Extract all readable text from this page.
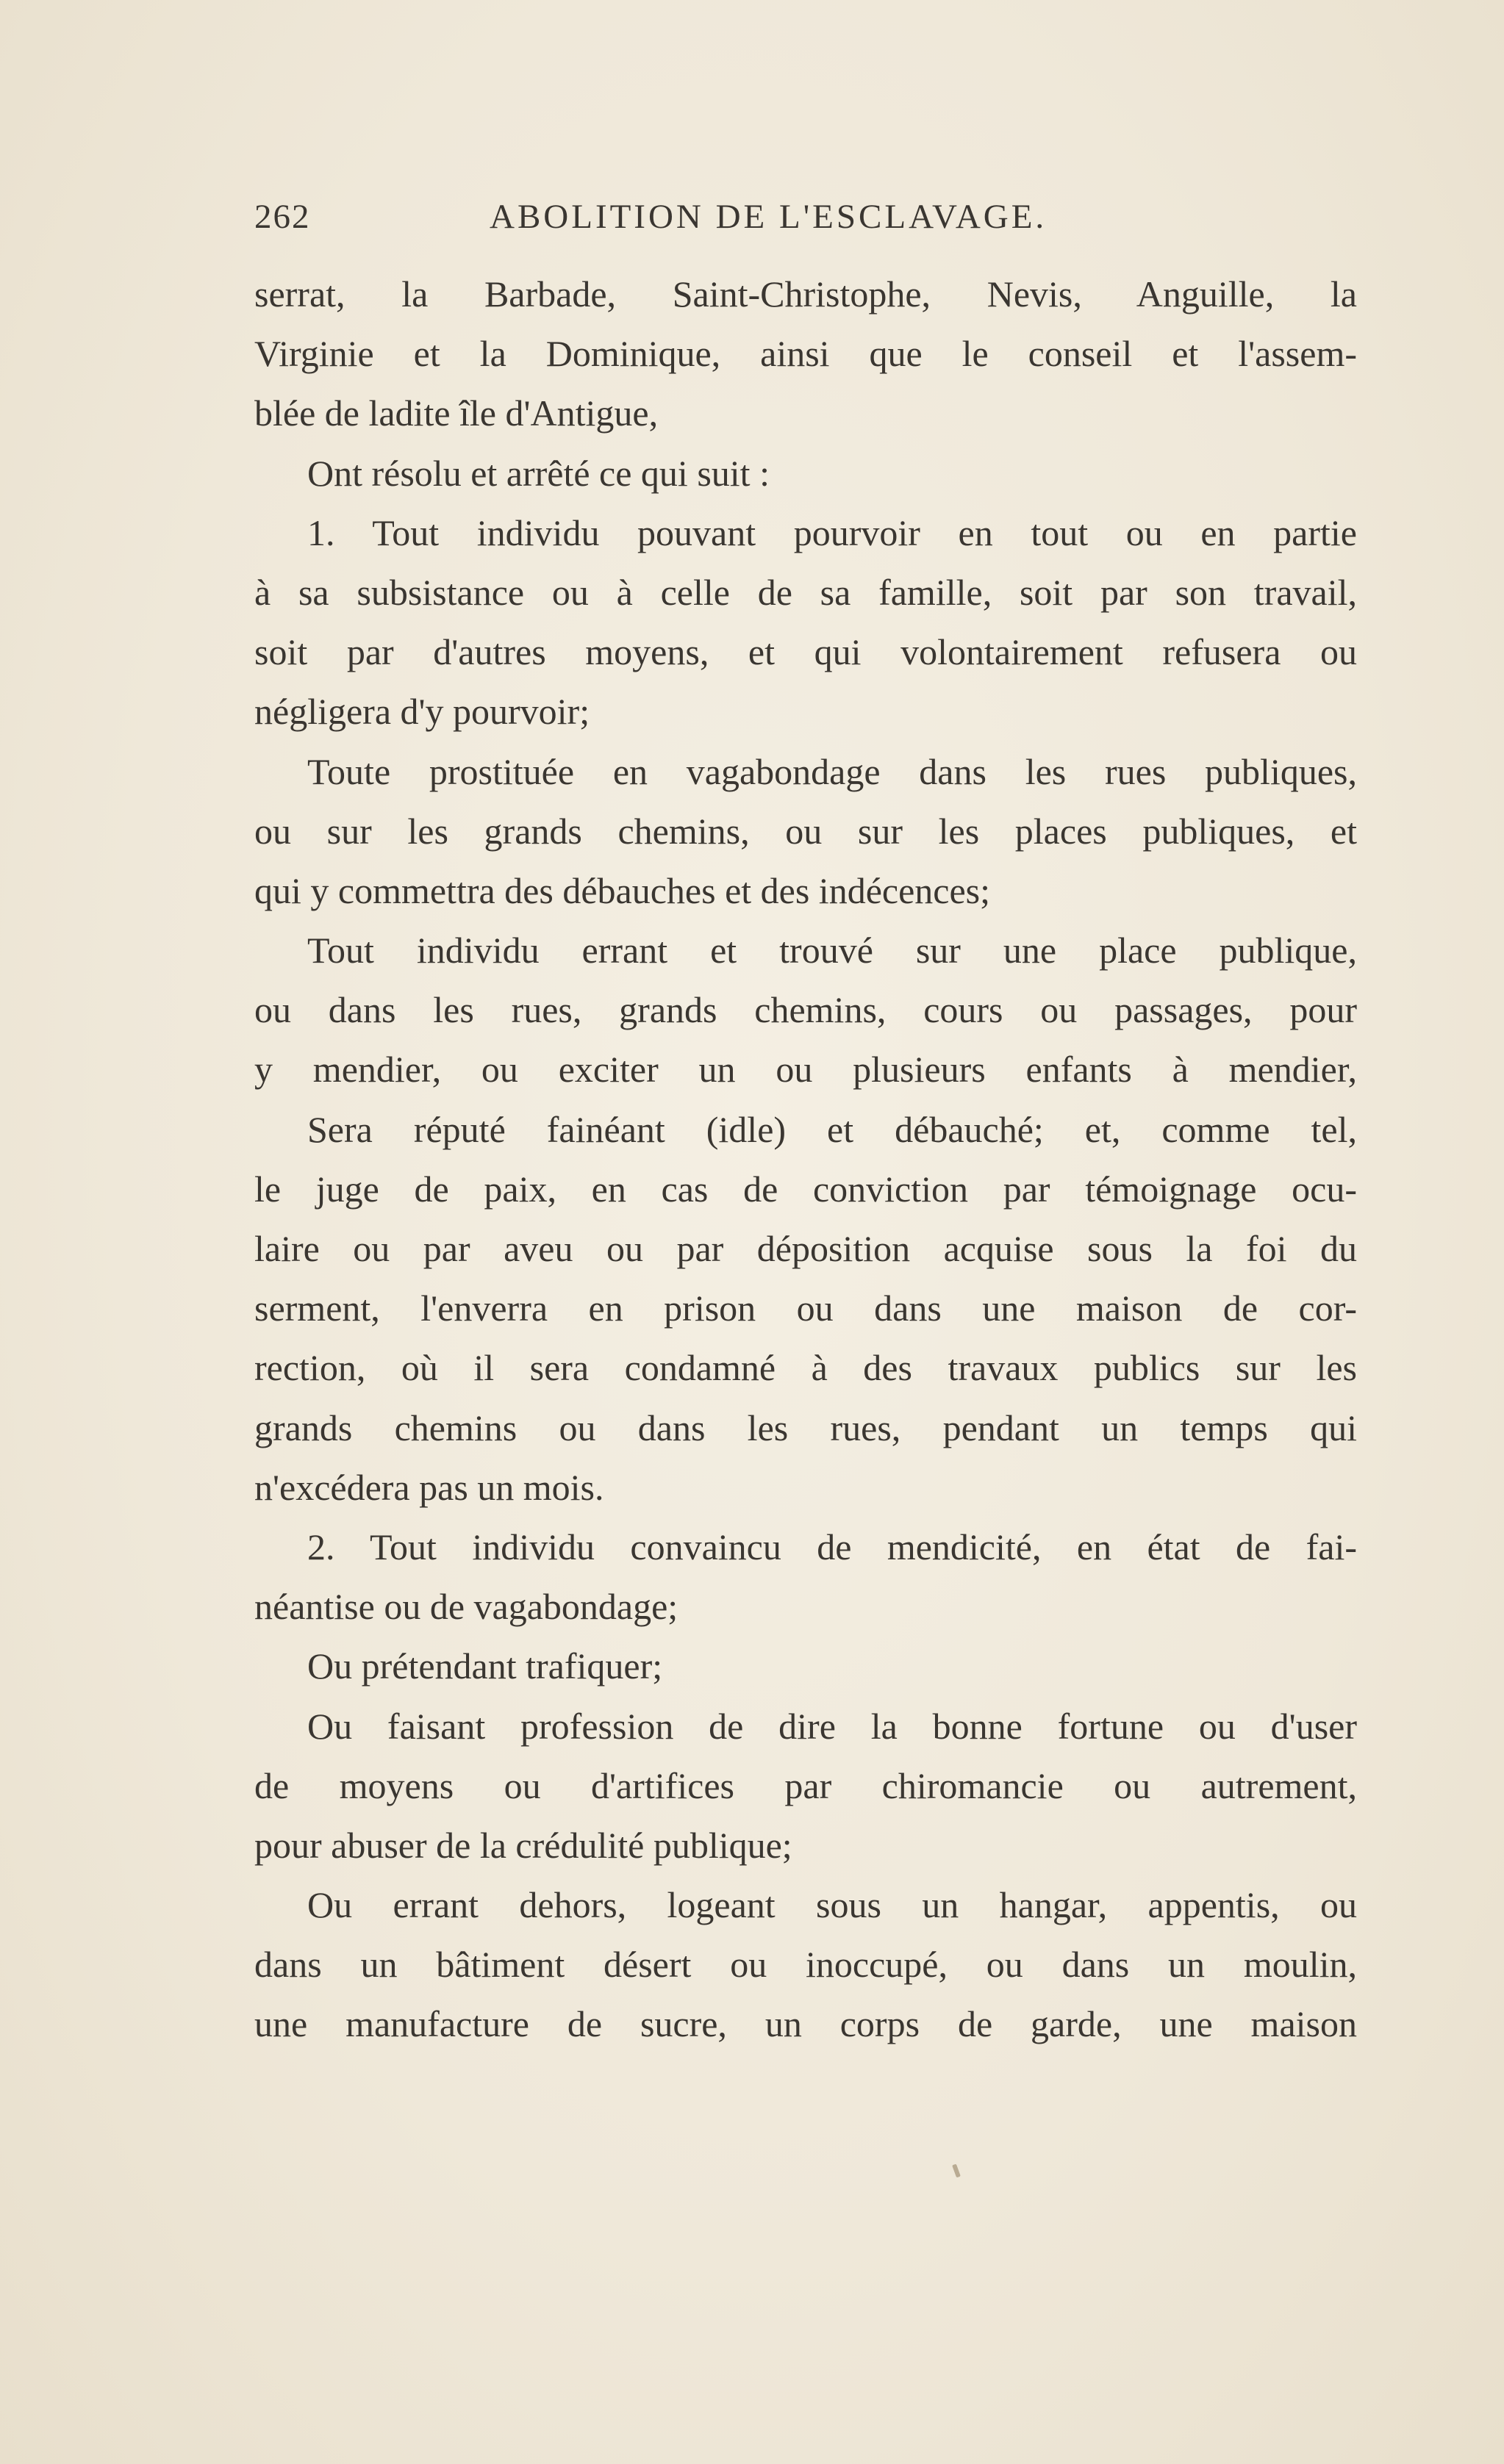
262	ABOLITION DE L'ESCLAVAGE.
serrat, la Barbade, Saint-Christophe, Nevis, Anguille, la
Virginie et la Dominique, ainsi que le conseil et l'assem-
blée de ladite île d'Antigue,
Ont résolu et arrêté ce qui suit :
1. Tout individu pouvant pourvoir en tout ou en partie
à sa subsistance ou à celle de sa famille, soit par son travail,
soit par d'autres moyens, et qui volontairement refusera ou
négligera d'y pourvoir;
Toute prostituée en vagabondage dans les rues publiques,
ou sur les grands chemins, ou sur les places publiques, et
qui y commettra des débauches et des indécences;
Tout individu errant et trouvé sur une place publique,
ou dans les rues, grands chemins, cours ou passages, pour
y mendier, ou exciter un ou plusieurs enfants à mendier,
Sera réputé fainéant (idle) et débauché; et, comme tel,
le juge de paix, en cas de conviction par témoignage ocu-
laire ou par aveu ou par déposition acquise sous la foi du
serment, l'enverra en prison ou dans une maison de cor-
rection, où il sera condamné à des travaux publics sur les
grands chemins ou dans les rues, pendant un temps qui
n'excédera pas un mois.
2. Tout individu convaincu de mendicité, en état de fai-
néantise ou de vagabondage;
Ou prétendant trafiquer;
Ou faisant profession de dire la bonne fortune ou d'user
de moyens ou d'artifices par chiromancie ou autrement,
pour abuser de la crédulité publique;
Ou errant dehors, logeant sous un hangar, appentis, ou
dans un bâtiment désert ou inoccupé, ou dans un moulin,
une manufacture de sucre, un corps de garde, une maison
